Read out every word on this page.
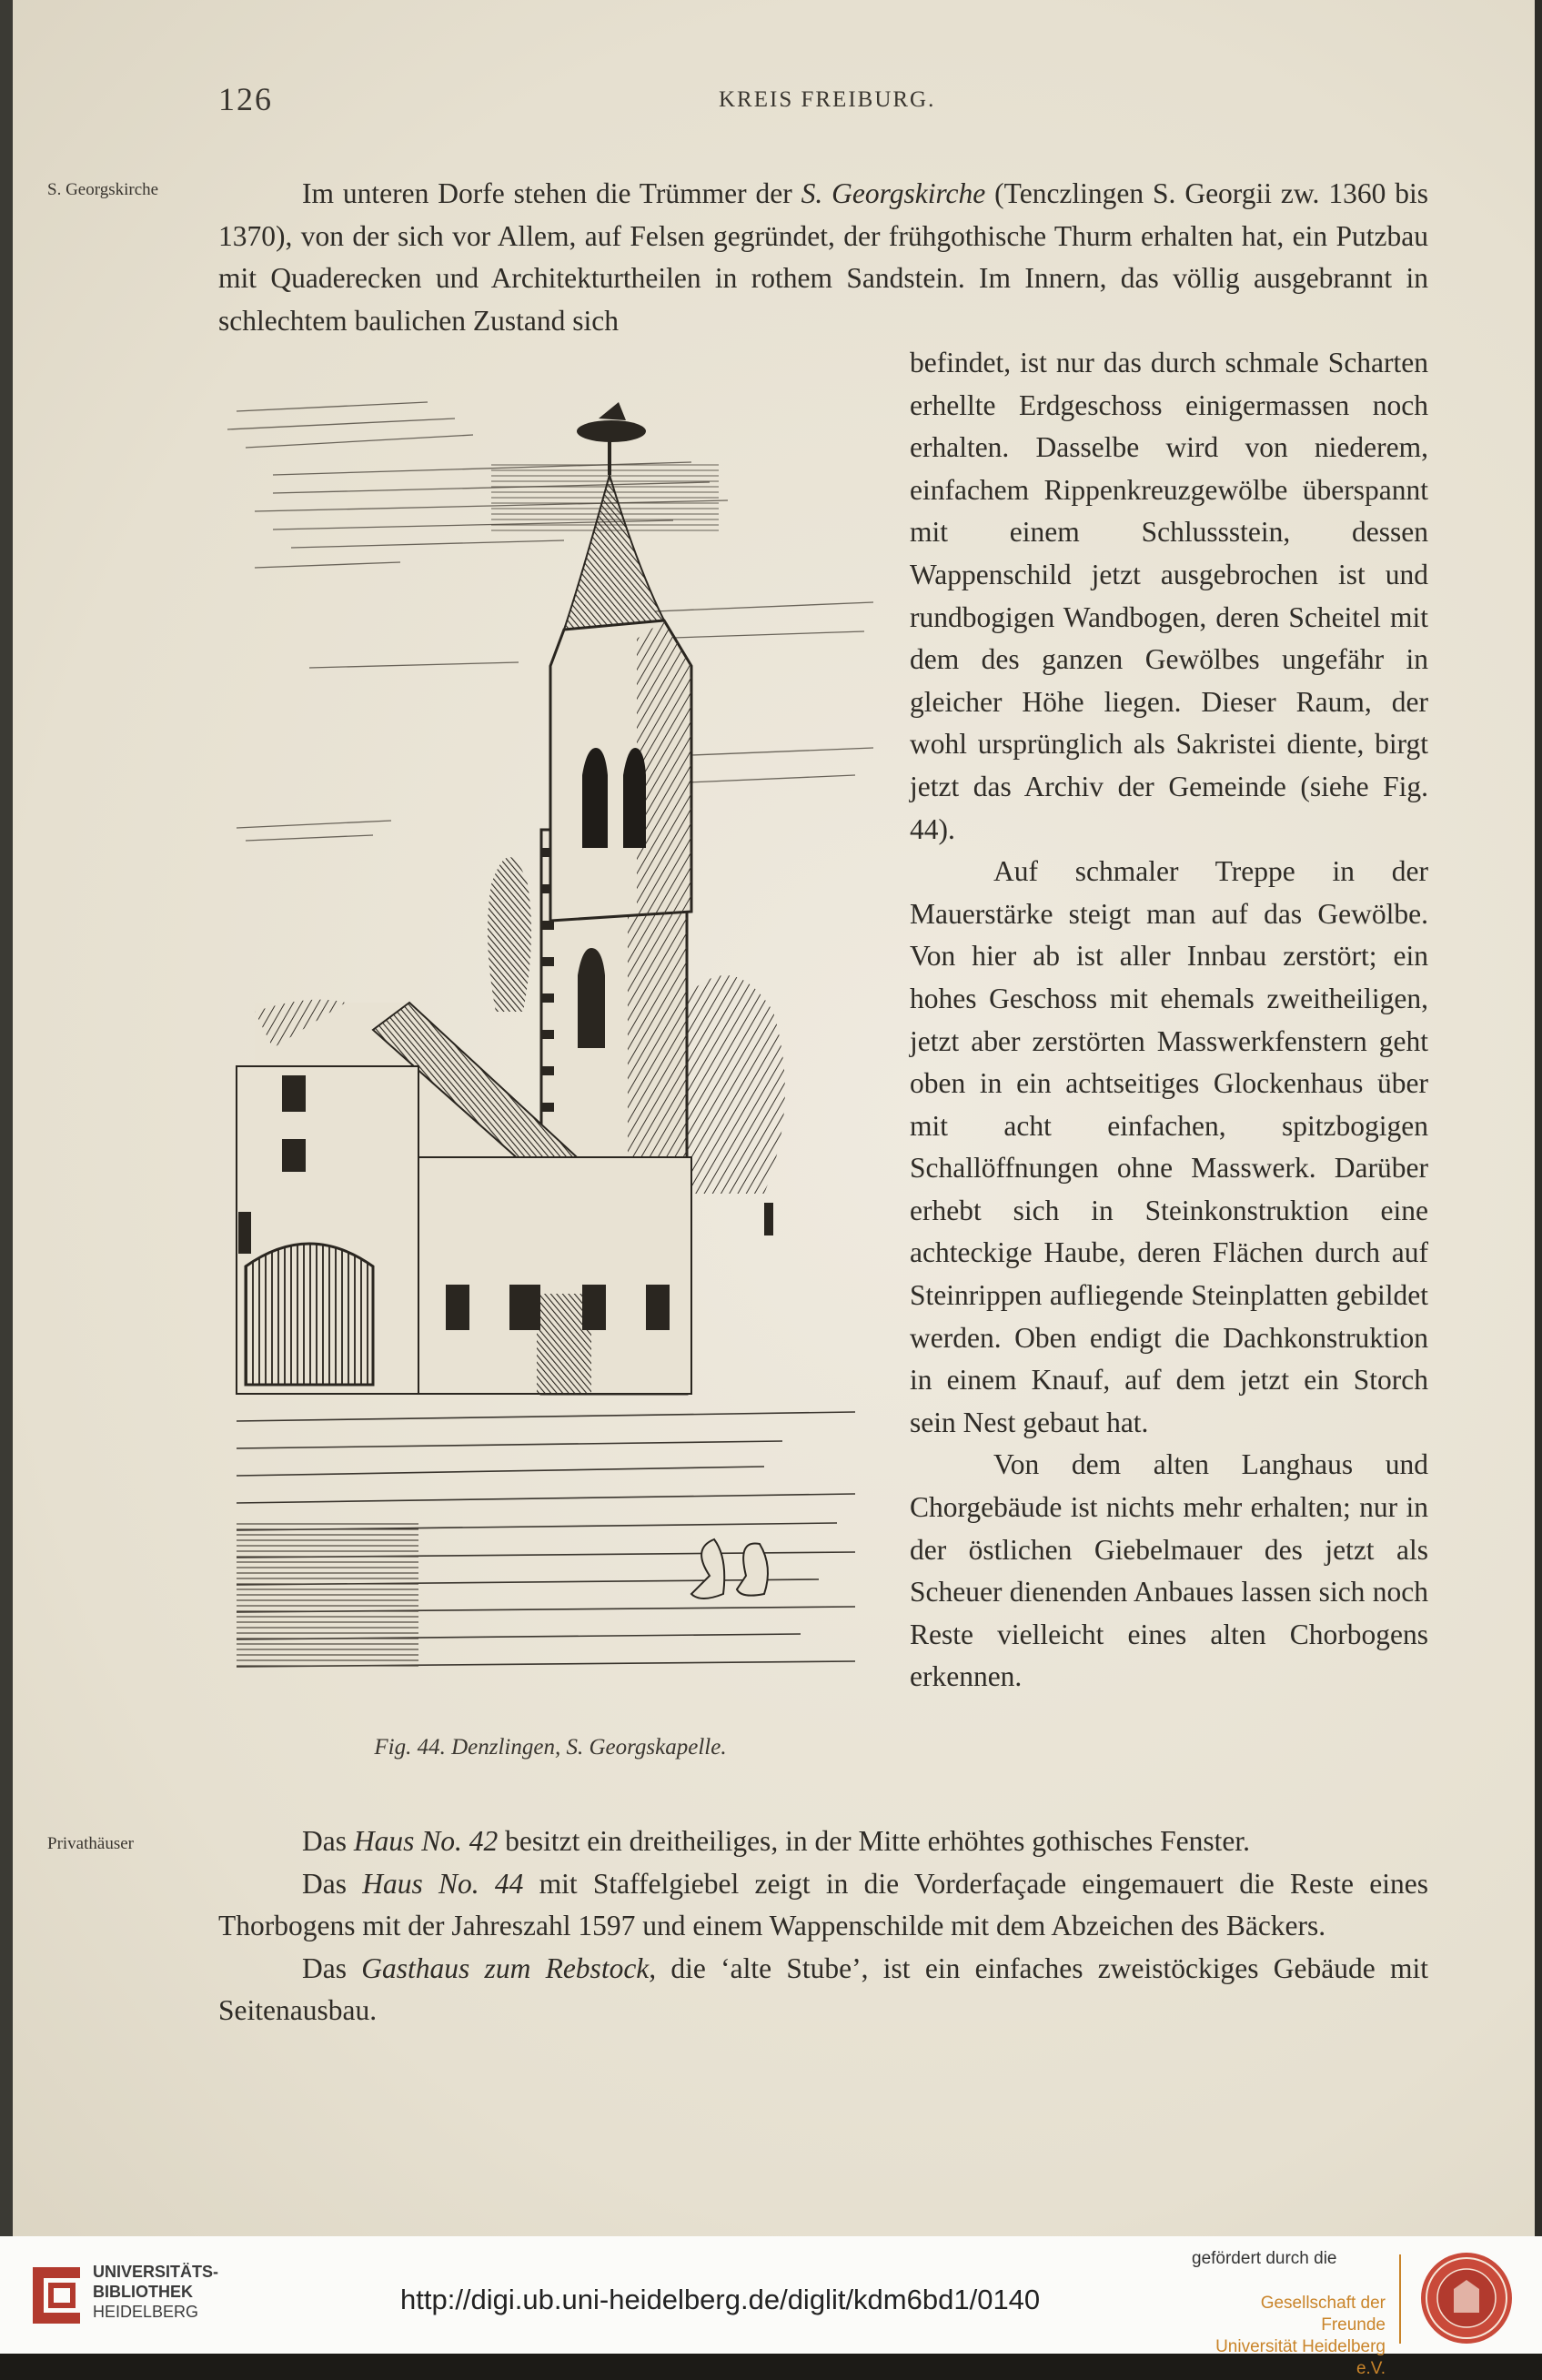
126	KREIS FREIBURG.
S. Georgskirche
Privathäuser

Im unteren Dorfe stehen die Trümmer der S. Georgskirche (Tenczlingen S. Georgii zw. 1360 bis 1370), von der sich vor Allem, auf Felsen gegründet, der frühgothische Thurm erhalten hat, ein Putzbau mit Quaderecken und Architekturtheilen in rothem Sandstein. Im Innern, das völlig ausgebrannt in schlechtem baulichen Zustand sich

befindet, ist nur das durch schmale Scharten erhellte Erdgeschoss einigermassen noch erhalten. Dasselbe wird von niederem, einfachem Rippenkreuzgewölbe überspannt mit einem Schlussstein, dessen Wappenschild jetzt ausgebrochen ist und rundbogigen Wandbogen, deren Scheitel mit dem des ganzen Gewölbes ungefähr in gleicher Höhe liegen. Dieser Raum, der wohl ursprünglich als Sakristei diente, birgt jetzt das Archiv der Gemeinde (siehe Fig. 44).

Auf schmaler Treppe in der Mauerstärke steigt man auf das Gewölbe. Von hier ab ist aller Innbau zerstört; ein hohes Geschoss mit ehemals zweitheiligen, jetzt aber zerstörten Masswerkfenstern geht oben in ein achtseitiges Glockenhaus über mit acht einfachen, spitzbogigen Schallöffnungen ohne Masswerk. Darüber erhebt sich in Steinkonstruktion eine achteckige Haube, deren Flächen durch auf Steinrippen aufliegende Steinplatten gebildet werden. Oben endigt die Dachkonstruktion in einem Knauf, auf dem jetzt ein Storch sein Nest gebaut hat.

Von dem alten Langhaus und Chorgebäude ist nichts mehr erhalten; nur in der östlichen Giebelmauer des jetzt als Scheuer dienenden Anbaues lassen sich noch Reste vielleicht eines alten Chorbogens erkennen.

Fig. 44. Denzlingen, S. Georgskapelle.

Das Haus No. 42 besitzt ein dreitheiliges, in der Mitte erhöhtes gothisches Fenster.

Das Haus No. 44 mit Staffelgiebel zeigt in die Vorderfaçade eingemauert die Reste eines Thorbogens mit der Jahreszahl 1597 und einem Wappenschilde mit dem Abzeichen des Bäckers.

Das Gasthaus zum Rebstock, die ‘alte Stube’, ist ein einfaches zweistöckiges Gebäude mit Seitenausbau.

UNIVERSITÄTS-
BIBLIOTHEK
HEIDELBERG	http://digi.ub.uni-heidelberg.de/diglit/kdm6bd1/0140
gefördert durch die
Gesellschaft der Freunde
Universität Heidelberg e.V.
